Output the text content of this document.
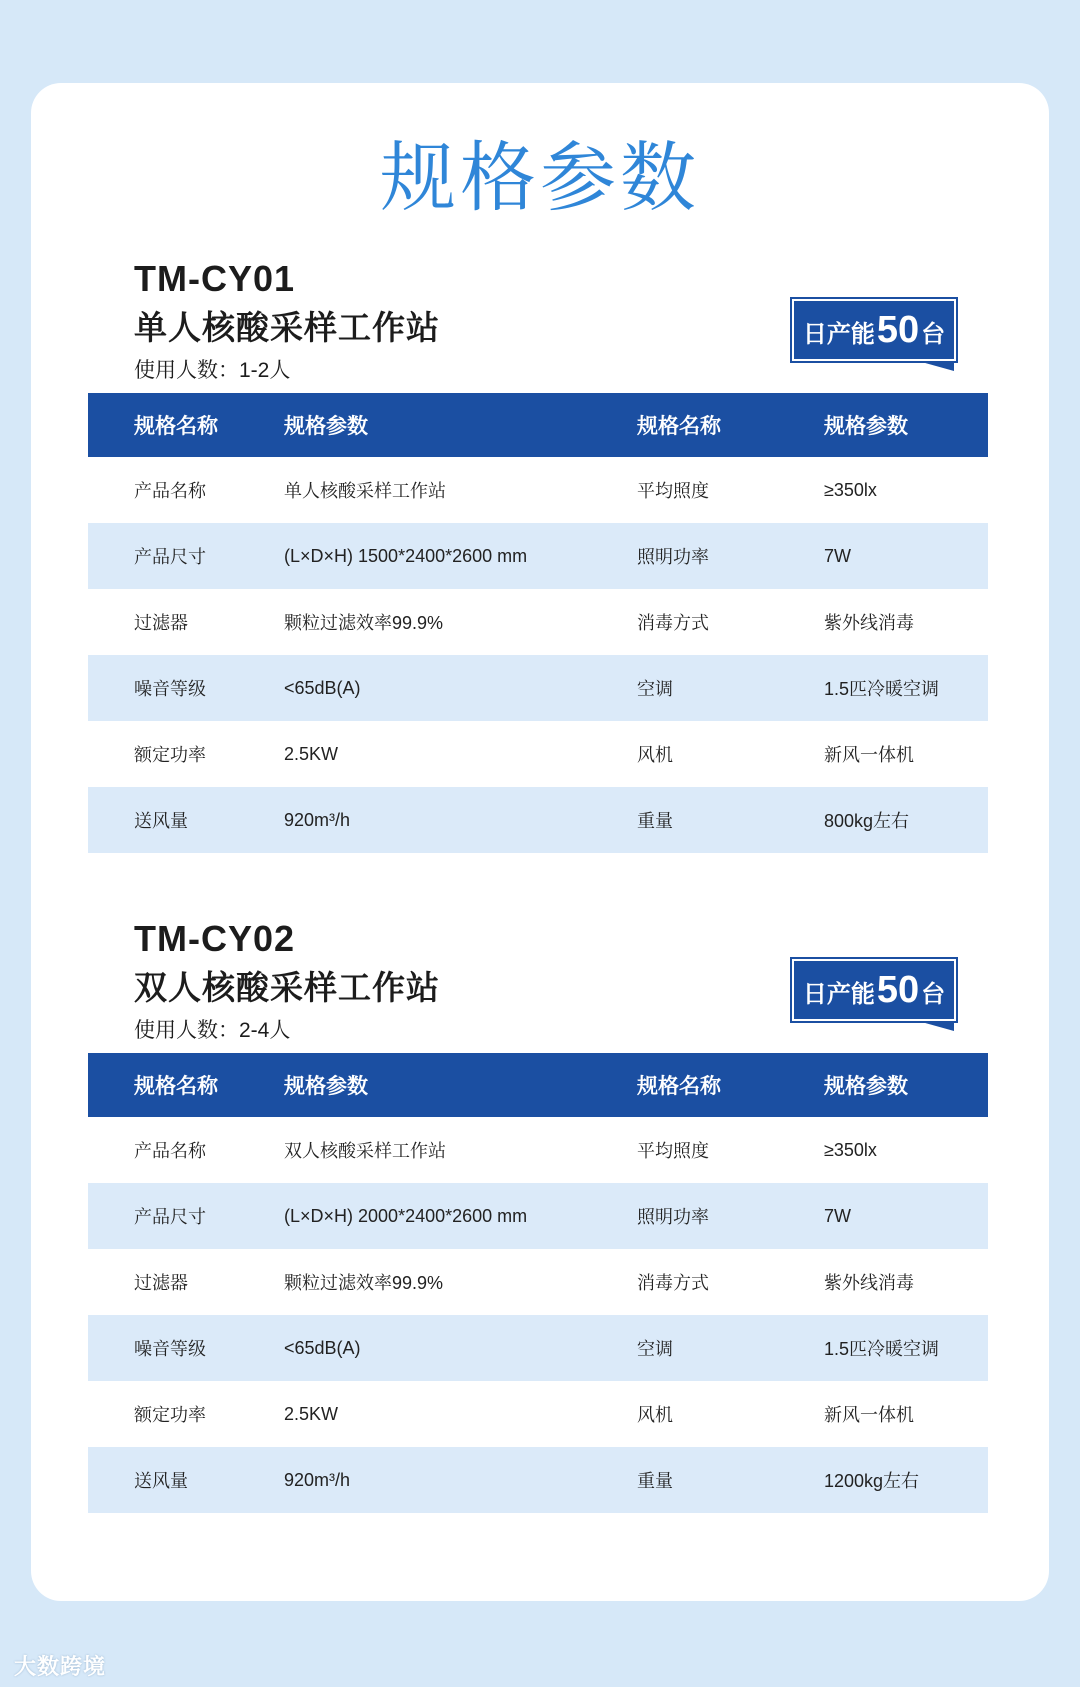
规格参数
TM-CY01
单人核酸采样工作站
使用人数：1-2人
日产能 50 台
规格名称	规格参数	规格名称	规格参数
产品名称	单人核酸采样工作站	平均照度	≥350lx
产品尺寸	(L×D×H) 1500*2400*2600 mm	照明功率	7W
过滤器	颗粒过滤效率99.9%	消毒方式	紫外线消毒
噪音等级	<65dB(A)	空调	1.5匹冷暖空调
额定功率	2.5KW	风机	新风一体机
送风量	920m³/h	重量	800kg左右
TM-CY02
双人核酸采样工作站
使用人数：2-4人
日产能 50 台
规格名称	规格参数	规格名称	规格参数
产品名称	双人核酸采样工作站	平均照度	≥350lx
产品尺寸	(L×D×H) 2000*2400*2600 mm	照明功率	7W
过滤器	颗粒过滤效率99.9%	消毒方式	紫外线消毒
噪音等级	<65dB(A)	空调	1.5匹冷暖空调
额定功率	2.5KW	风机	新风一体机
送风量	920m³/h	重量	1200kg左右
大数跨境
